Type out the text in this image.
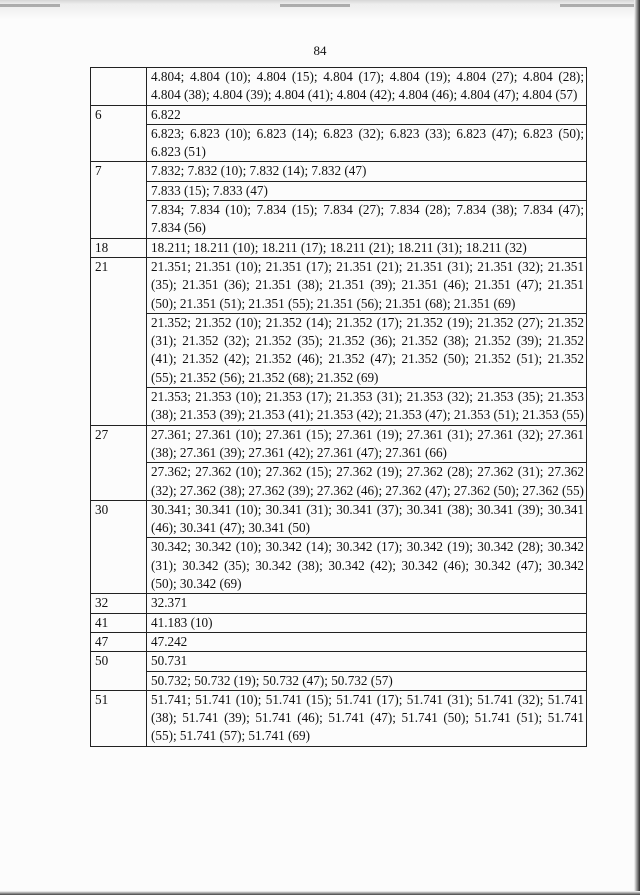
84
	4.804; 4.804 (10); 4.804 (15); 4.804 (17); 4.804 (19); 4.804 (27); 4.804 (28); 4.804 (38); 4.804 (39); 4.804 (41); 4.804 (42); 4.804 (46); 4.804 (47); 4.804 (57)
6	6.822
	6.823; 6.823 (10); 6.823 (14); 6.823 (32); 6.823 (33); 6.823 (47); 6.823 (50); 6.823 (51)
7	7.832; 7.832 (10); 7.832 (14); 7.832 (47)
	7.833 (15); 7.833 (47)
	7.834; 7.834 (10); 7.834 (15); 7.834 (27); 7.834 (28); 7.834 (38); 7.834 (47); 7.834 (56)
18	18.211; 18.211 (10); 18.211 (17); 18.211 (21); 18.211 (31); 18.211 (32)
21	21.351; 21.351 (10); 21.351 (17); 21.351 (21); 21.351 (31); 21.351 (32); 21.351 (35); 21.351 (36); 21.351 (38); 21.351 (39); 21.351 (46); 21.351 (47); 21.351 (50); 21.351 (51); 21.351 (55); 21.351 (56); 21.351 (68); 21.351 (69)
	21.352; 21.352 (10); 21.352 (14); 21.352 (17); 21.352 (19); 21.352 (27); 21.352 (31); 21.352 (32); 21.352 (35); 21.352 (36); 21.352 (38); 21.352 (39); 21.352 (41); 21.352 (42); 21.352 (46); 21.352 (47); 21.352 (50); 21.352 (51); 21.352 (55); 21.352 (56); 21.352 (68); 21.352 (69)
	21.353; 21.353 (10); 21.353 (17); 21.353 (31); 21.353 (32); 21.353 (35); 21.353 (38); 21.353 (39); 21.353 (41); 21.353 (42); 21.353 (47); 21.353 (51); 21.353 (55)
27	27.361; 27.361 (10); 27.361 (15); 27.361 (19); 27.361 (31); 27.361 (32); 27.361 (38); 27.361 (39); 27.361 (42); 27.361 (47); 27.361 (66)
	27.362; 27.362 (10); 27.362 (15); 27.362 (19); 27.362 (28); 27.362 (31); 27.362 (32); 27.362 (38); 27.362 (39); 27.362 (46); 27.362 (47); 27.362 (50); 27.362 (55)
30	30.341; 30.341 (10); 30.341 (31); 30.341 (37); 30.341 (38); 30.341 (39); 30.341 (46); 30.341 (47); 30.341 (50)
	30.342; 30.342 (10); 30.342 (14); 30.342 (17); 30.342 (19); 30.342 (28); 30.342 (31); 30.342 (35); 30.342 (38); 30.342 (42); 30.342 (46); 30.342 (47); 30.342 (50); 30.342 (69)
32	32.371
41	41.183 (10)
47	47.242
50	50.731
	50.732; 50.732 (19); 50.732 (47); 50.732 (57)
51	51.741; 51.741 (10); 51.741 (15); 51.741 (17); 51.741 (31); 51.741 (32); 51.741 (38); 51.741 (39); 51.741 (46); 51.741 (47); 51.741 (50); 51.741 (51); 51.741 (55); 51.741 (57); 51.741 (69)
